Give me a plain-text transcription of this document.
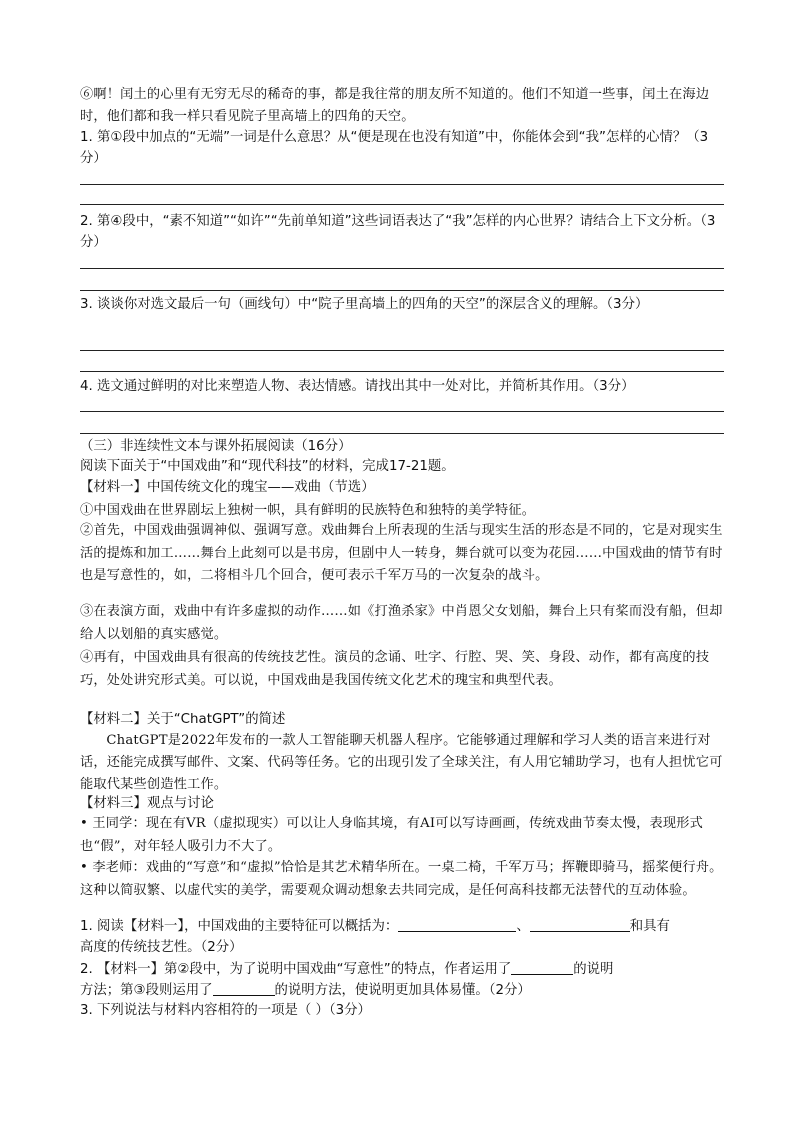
⑥啊！闰土的心里有无穷无尽的稀奇的事，都是我往常的朋友所不知道的。他们不知道一些事，闰土在海边时，他们都和我一样只看见院子里高墙上的四角的天空。
1. 第①段中加点的“无端”一词是什么意思？从“便是现在也没有知道”中，你能体会到“我”怎样的心情？（3分）
2. 第④段中，“素不知道”“如许”“先前单知道”这些词语表达了“我”怎样的内心世界？请结合上下文分析。（3分）
3. 谈谈你对选文最后一句（画线句）中“院子里高墙上的四角的天空”的深层含义的理解。（3分）
4. 选文通过鲜明的对比来塑造人物、表达情感。请找出其中一处对比，并简析其作用。（3分）
（三）非连续性文本与课外拓展阅读（16分）
阅读下面关于“中国戏曲”和“现代科技”的材料，完成17-21题。
【材料一】中国传统文化的瑰宝——戏曲（节选）
①中国戏曲在世界剧坛上独树一帜，具有鲜明的民族特色和独特的美学特征。
②首先，中国戏曲强调神似、强调写意。戏曲舞台上所表现的生活与现实生活的形态是不同的，它是对现实生活的提炼和加工……舞台上此刻可以是书房，但剧中人一转身，舞台就可以变为花园……中国戏曲的情节有时也是写意性的，如，二将相斗几个回合，便可表示千军万马的一次复杂的战斗。
③在表演方面，戏曲中有许多虚拟的动作……如《打渔杀家》中肖恩父女划船，舞台上只有桨而没有船，但却给人以划船的真实感觉。
④再有，中国戏曲具有很高的传统技艺性。演员的念诵、吐字、行腔、哭、笑、身段、动作，都有高度的技巧，处处讲究形式美。可以说，中国戏曲是我国传统文化艺术的瑰宝和典型代表。
【材料二】关于“ChatGPT”的简述
ChatGPT是2022年发布的一款人工智能聊天机器人程序。它能够通过理解和学习人类的语言来进行对话，还能完成撰写邮件、文案、代码等任务。它的出现引发了全球关注，有人用它辅助学习，也有人担忧它可能取代某些创造性工作。
【材料三】观点与讨论
• 王同学：现在有VR（虚拟现实）可以让人身临其境，有AI可以写诗画画，传统戏曲节奏太慢，表现形式也“假”，对年轻人吸引力不大了。
• 李老师：戏曲的“写意”和“虚拟”恰恰是其艺术精华所在。一桌二椅，千军万马；挥鞭即骑马，摇桨便行舟。这种以简驭繁、以虚代实的美学，需要观众调动想象去共同完成，是任何高科技都无法替代的互动体验。
1. 阅读【材料一】，中国戏曲的主要特征可以概括为：	、	和具有
高度的传统技艺性。（2分）
2. 【材料一】第②段中，为了说明中国戏曲“写意性”的特点，作者运用了	的说明
方法；第③段则运用了	的说明方法，使说明更加具体易懂。（2分）
3. 下列说法与材料内容相符的一项是（ ）（3分）
